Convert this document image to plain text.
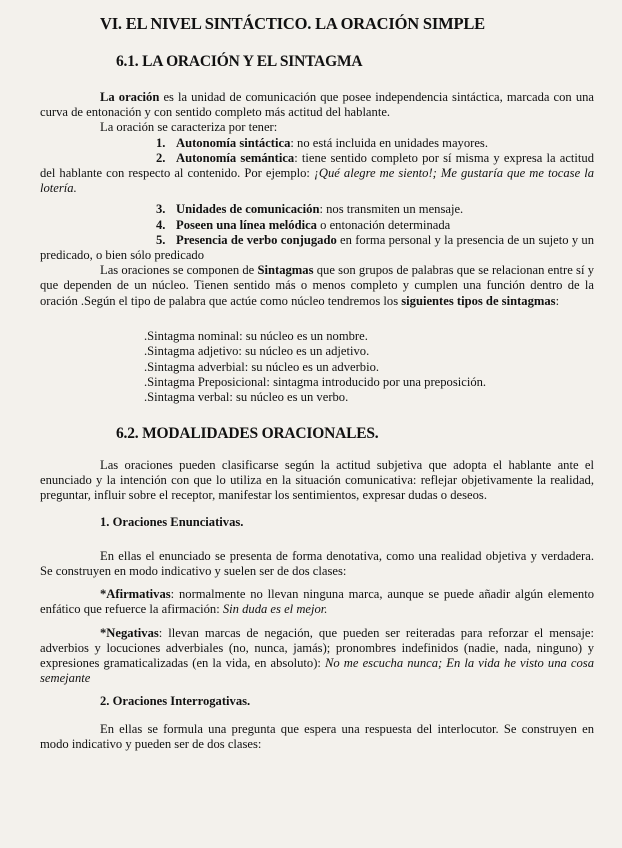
VI. EL NIVEL SINTÁCTICO. LA ORACIÓN SIMPLE
6.1. LA ORACIÓN Y EL SINTAGMA

La oración es la unidad de comunicación que posee independencia sintáctica, marcada con una curva de entonación y con sentido completo más actitud del hablante.

La oración se caracteriza por tener:

1. Autonomía sintáctica: no está incluida en unidades mayores.

2. Autonomía semántica: tiene sentido completo por sí misma y expresa la actitud del hablante con respecto al contenido. Por ejemplo: ¡Qué alegre me siento!; Me gustaría que me tocase la lotería.

3. Unidades de comunicación: nos transmiten un mensaje.

4. Poseen una línea melódica o entonación determinada

5. Presencia de verbo conjugado en forma personal y la presencia de un sujeto y un predicado, o bien sólo predicado

Las oraciones se componen de Sintagmas que son grupos de palabras que se relacionan entre sí y que dependen de un núcleo. Tienen sentido más o menos completo y cumplen una función dentro de la oración .Según el tipo de palabra que actúe como núcleo tendremos los siguientes tipos de sintagmas:

.Sintagma nominal: su núcleo es un nombre.
.Sintagma adjetivo: su núcleo es un adjetivo.
.Sintagma adverbial: su núcleo es un adverbio.
.Sintagma Preposicional: sintagma introducido por una preposición.
.Sintagma verbal: su núcleo es un verbo.
6.2. MODALIDADES ORACIONALES.

Las oraciones pueden clasificarse según la actitud subjetiva que adopta el hablante ante el enunciado y la intención con que lo utiliza en la situación comunicativa: reflejar objetivamente la realidad, preguntar, influir sobre el receptor, manifestar los sentimientos, expresar dudas o deseos.

1. Oraciones Enunciativas.

En ellas el enunciado se presenta de forma denotativa, como una realidad objetiva y verdadera. Se construyen en modo indicativo y suelen ser de dos clases:

*Afirmativas: normalmente no llevan ninguna marca, aunque se puede añadir algún elemento enfático que refuerce la afirmación: Sin duda es el mejor.

*Negativas: llevan marcas de negación, que pueden ser reiteradas para reforzar el mensaje: adverbios y locuciones adverbiales (no, nunca, jamás); pronombres indefinidos (nadie, nada, ninguno) y expresiones gramaticalizadas (en la vida, en absoluto): No me escucha nunca; En la vida he visto una cosa semejante

2. Oraciones Interrogativas.

En ellas se formula una pregunta que espera una respuesta del interlocutor. Se construyen en modo indicativo y pueden ser de dos clases:
